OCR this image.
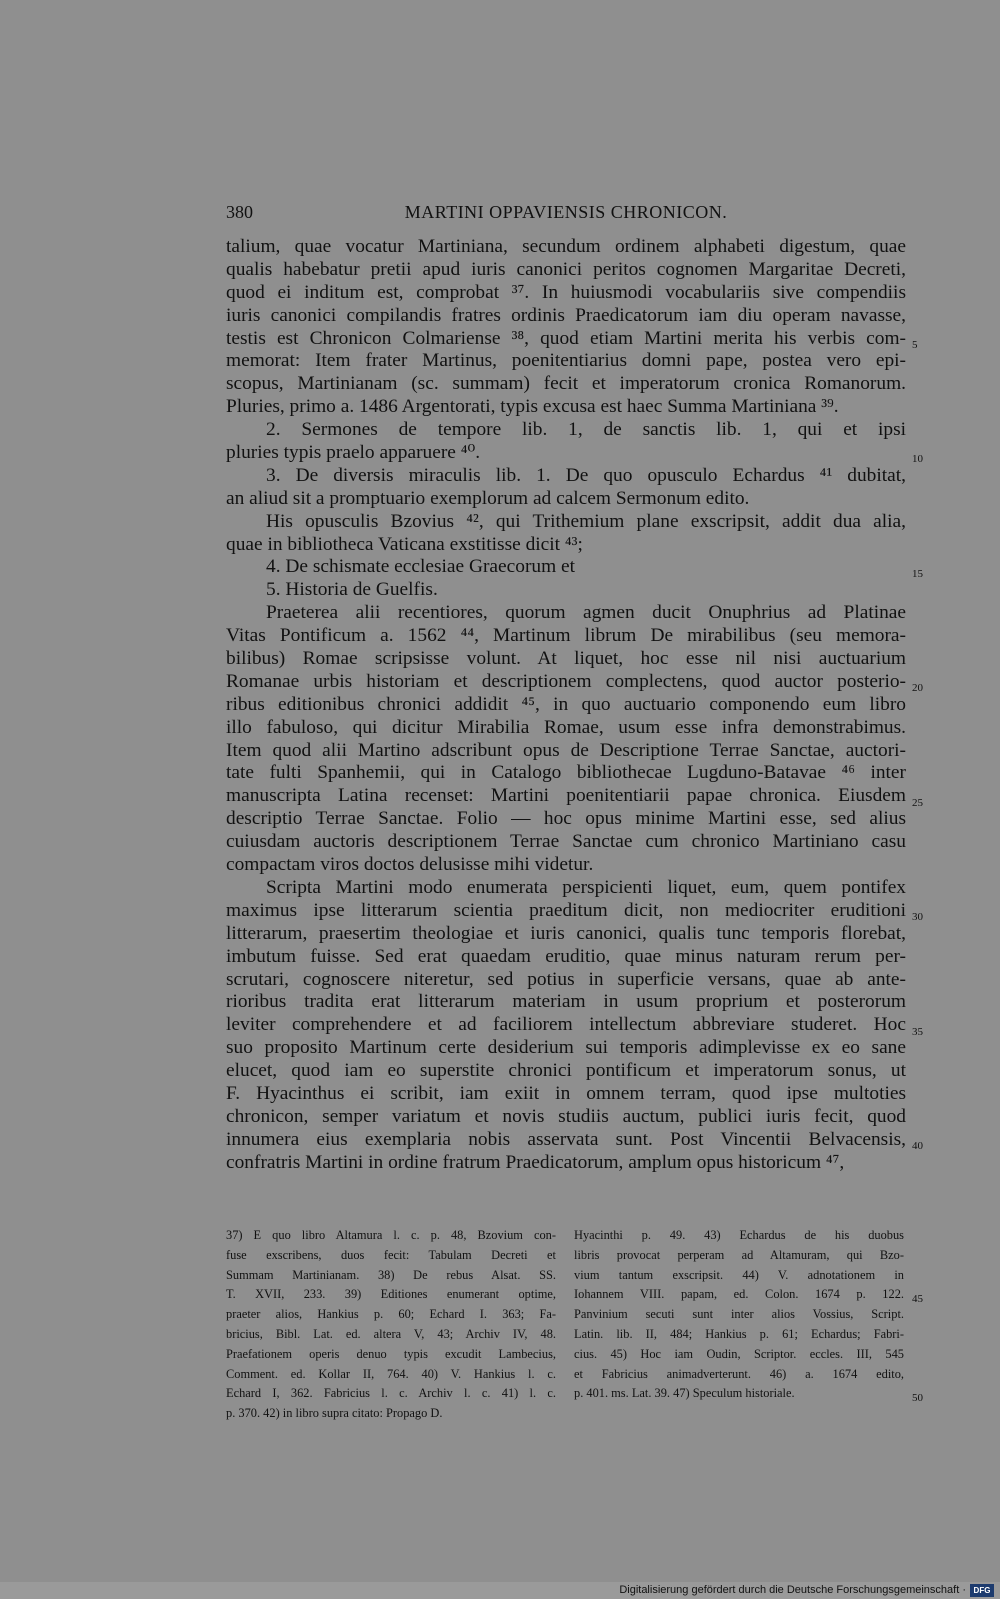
380	MARTINI OPPAVIENSIS CHRONICON.
talium, quae vocatur Martiniana, secundum ordinem alphabeti digestum, quae
qualis habebatur pretii apud iuris canonici peritos cognomen Margaritae Decreti,
quod ei inditum est, comprobat ³⁷. In huiusmodi vocabulariis sive compendiis
iuris canonici compilandis fratres ordinis Praedicatorum iam diu operam navasse,
testis est Chronicon Colmariense ³⁸, quod etiam Martini merita his verbis com-
memorat: Item frater Martinus, poenitentiarius domni pape, postea vero epi-
scopus, Martinianam (sc. summam) fecit et imperatorum cronica Romanorum.
Pluries, primo a. 1486 Argentorati, typis excusa est haec Summa Martiniana ³⁹.
2. Sermones de tempore lib. 1, de sanctis lib. 1, qui et ipsi
pluries typis praelo apparuere ⁴⁰.
3. De diversis miraculis lib. 1. De quo opusculo Echardus ⁴¹ dubitat,
an aliud sit a promptuario exemplorum ad calcem Sermonum edito.
His opusculis Bzovius ⁴², qui Trithemium plane exscripsit, addit dua alia,
quae in bibliotheca Vaticana exstitisse dicit ⁴³;
4. De schismate ecclesiae Graecorum et
5. Historia de Guelfis.
Praeterea alii recentiores, quorum agmen ducit Onuphrius ad Platinae
Vitas Pontificum a. 1562 ⁴⁴, Martinum librum De mirabilibus (seu memora-
bilibus) Romae scripsisse volunt. At liquet, hoc esse nil nisi auctuarium
Romanae urbis historiam et descriptionem complectens, quod auctor posterio-
ribus editionibus chronici addidit ⁴⁵, in quo auctuario componendo eum libro
illo fabuloso, qui dicitur Mirabilia Romae, usum esse infra demonstrabimus.
Item quod alii Martino adscribunt opus de Descriptione Terrae Sanctae, auctori-
tate fulti Spanhemii, qui in Catalogo bibliothecae Lugduno-Batavae ⁴⁶ inter
manuscripta Latina recenset: Martini poenitentiarii papae chronica. Eiusdem
descriptio Terrae Sanctae. Folio — hoc opus minime Martini esse, sed alius
cuiusdam auctoris descriptionem Terrae Sanctae cum chronico Martiniano casu
compactam viros doctos delusisse mihi videtur.
Scripta Martini modo enumerata perspicienti liquet, eum, quem pontifex
maximus ipse litterarum scientia praeditum dicit, non mediocriter eruditioni
litterarum, praesertim theologiae et iuris canonici, qualis tunc temporis florebat,
imbutum fuisse. Sed erat quaedam eruditio, quae minus naturam rerum per-
scrutari, cognoscere niteretur, sed potius in superficie versans, quae ab ante-
rioribus tradita erat litterarum materiam in usum proprium et posterorum
leviter comprehendere et ad faciliorem intellectum abbreviare studeret. Hoc
suo proposito Martinum certe desiderium sui temporis adimplevisse ex eo sane
elucet, quod iam eo superstite chronici pontificum et imperatorum sonus, ut
F. Hyacinthus ei scribit, iam exiit in omnem terram, quod ipse multoties
chronicon, semper variatum et novis studiis auctum, publici iuris fecit, quod
innumera eius exemplaria nobis asservata sunt. Post Vincentii Belvacensis,
confratris Martini in ordine fratrum Praedicatorum, amplum opus historicum ⁴⁷,
5
10
15
20
25
30
35
40
37) E quo libro Altamura l. c. p. 48, Bzovium con-
fuse exscribens, duos fecit: Tabulam Decreti et
Summam Martinianam. 38) De rebus Alsat. SS.
T. XVII, 233. 39) Editiones enumerant optime,
praeter alios, Hankius p. 60; Echard I. 363; Fa-
bricius, Bibl. Lat. ed. altera V, 43; Archiv IV, 48.
Praefationem operis denuo typis excudit Lambecius,
Comment. ed. Kollar II, 764. 40) V. Hankius l. c.
Echard I, 362. Fabricius l. c. Archiv l. c. 41) l. c.
p. 370. 42) in libro supra citato: Propago D.
Hyacinthi p. 49. 43) Echardus de his duobus
libris provocat perperam ad Altamuram, qui Bzo-
vium tantum exscripsit. 44) V. adnotationem in
Iohannem VIII. papam, ed. Colon. 1674 p. 122.
Panvinium secuti sunt inter alios Vossius, Script.
Latin. lib. II, 484; Hankius p. 61; Echardus; Fabri-
cius. 45) Hoc iam Oudin, Scriptor. eccles. III, 545
et Fabricius animadverterunt. 46) a. 1674 edito,
p. 401. ms. Lat. 39. 47) Speculum historiale.
45
50
Digitalisierung gefördert durch die Deutsche Forschungsgemeinschaft · DFG
